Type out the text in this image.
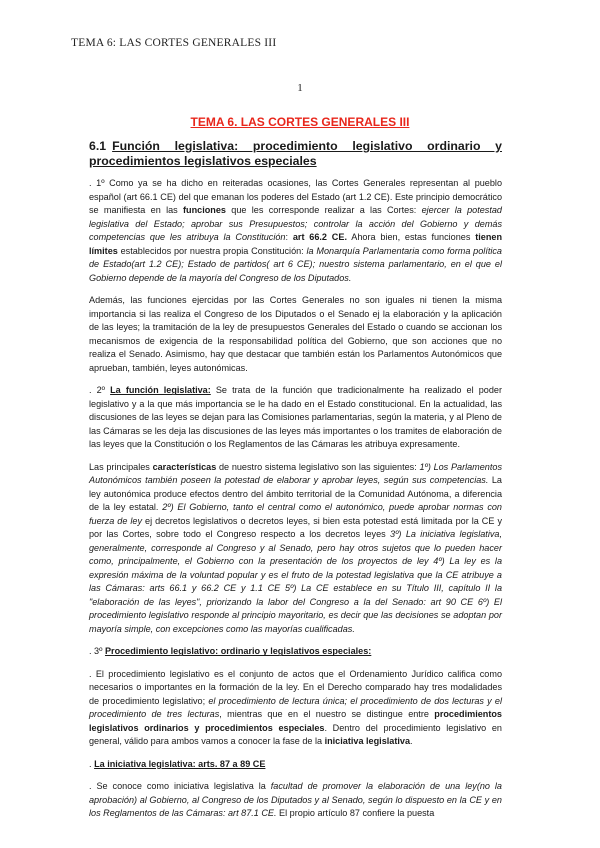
TEMA 6: LAS CORTES GENERALES III
1
TEMA 6. LAS CORTES GENERALES III
6.1 Función legislativa: procedimiento legislativo ordinario y procedimientos legislativos especiales

. 1º Como ya se ha dicho en reiteradas ocasiones, las Cortes Generales representan al pueblo español (art 66.1 CE) del que emanan los poderes del Estado (art 1.2 CE). Este principio democrático se manifiesta en las funciones que les corresponde realizar a las Cortes: ejercer la potestad legislativa del Estado; aprobar sus Presupuestos; controlar la acción del Gobierno y demás competencias que les atribuya la Constitución: art 66.2 CE. Ahora bien, estas funciones tienen límites establecidos por nuestra propia Constitución: la Monarquía Parlamentaria como forma política de Estado(art 1.2 CE); Estado de partidos( art 6 CE); nuestro sistema parlamentario, en el que el Gobierno depende de la mayoría del Congreso de los Diputados.

Además, las funciones ejercidas por las Cortes Generales no son iguales ni tienen la misma importancia si las realiza el Congreso de los Diputados o el Senado ej la elaboración y la aplicación de las leyes; la tramitación de la ley de presupuestos Generales del Estado o cuando se accionan los mecanismos de exigencia de la responsabilidad política del Gobierno, que son acciones que no realiza el Senado. Asimismo, hay que destacar que también están los Parlamentos Autonómicos que aprueban, también, leyes autonómicas.

. 2º La función legislativa: Se trata de la función que tradicionalmente ha realizado el poder legislativo y a la que más importancia se le ha dado en el Estado constitucional. En la actualidad, las discusiones de las leyes se dejan para las Comisiones parlamentarias, según la materia, y al Pleno de las Cámaras se les deja las discusiones de las leyes más importantes o los tramites de elaboración de las leyes que la Constitución o los Reglamentos de las Cámaras les atribuya expresamente.

Las principales características de nuestro sistema legislativo son las siguientes: 1º) Los Parlamentos Autonómicos también poseen la potestad de elaborar y aprobar leyes, según sus competencias. La ley autonómica produce efectos dentro del ámbito territorial de la Comunidad Autónoma, a diferencia de la ley estatal. 2º) El Gobierno, tanto el central como el autonómico, puede aprobar normas con fuerza de ley ej decretos legislativos o decretos leyes, si bien esta potestad está limitada por la CE y por las Cortes, sobre todo el Congreso respecto a los decretos leyes 3º) La iniciativa legislativa, generalmente, corresponde al Congreso y al Senado, pero hay otros sujetos que lo pueden hacer como, principalmente, el Gobierno con la presentación de los proyectos de ley 4º) La ley es la expresión máxima de la voluntad popular y es el fruto de la potestad legislativa que la CE atribuye a las Cámaras: arts 66.1 y 66.2 CE y 1.1 CE 5º) La CE establece en su Título III, capítulo II la "elaboración de las leyes", priorizando la labor del Congreso a la del Senado: art 90 CE 6º) El procedimiento legislativo responde al principio mayoritario, es decir que las decisiones se adoptan por mayoría simple, con excepciones como las mayorías cualificadas.

. 3º Procedimiento legislativo: ordinario y legislativos especiales:

. El procedimiento legislativo es el conjunto de actos que el Ordenamiento Jurídico califica como necesarios o importantes en la formación de la ley. En el Derecho comparado hay tres modalidades de procedimiento legislativo; el procedimiento de lectura única; el procedimiento de dos lecturas y el procedimiento de tres lecturas, mientras que en el nuestro se distingue entre procedimientos legislativos ordinarios y procedimientos especiales. Dentro del procedimiento legislativo en general, válido para ambos vamos a conocer la fase de la iniciativa legislativa.

. La iniciativa legislativa: arts. 87 a 89 CE

. Se conoce como iniciativa legislativa la facultad de promover la elaboración de una ley(no la aprobación) al Gobierno, al Congreso de los Diputados y al Senado, según lo dispuesto en la CE y en los Reglamentos de las Cámaras: art 87.1 CE. El propio artículo 87 confiere la puesta
